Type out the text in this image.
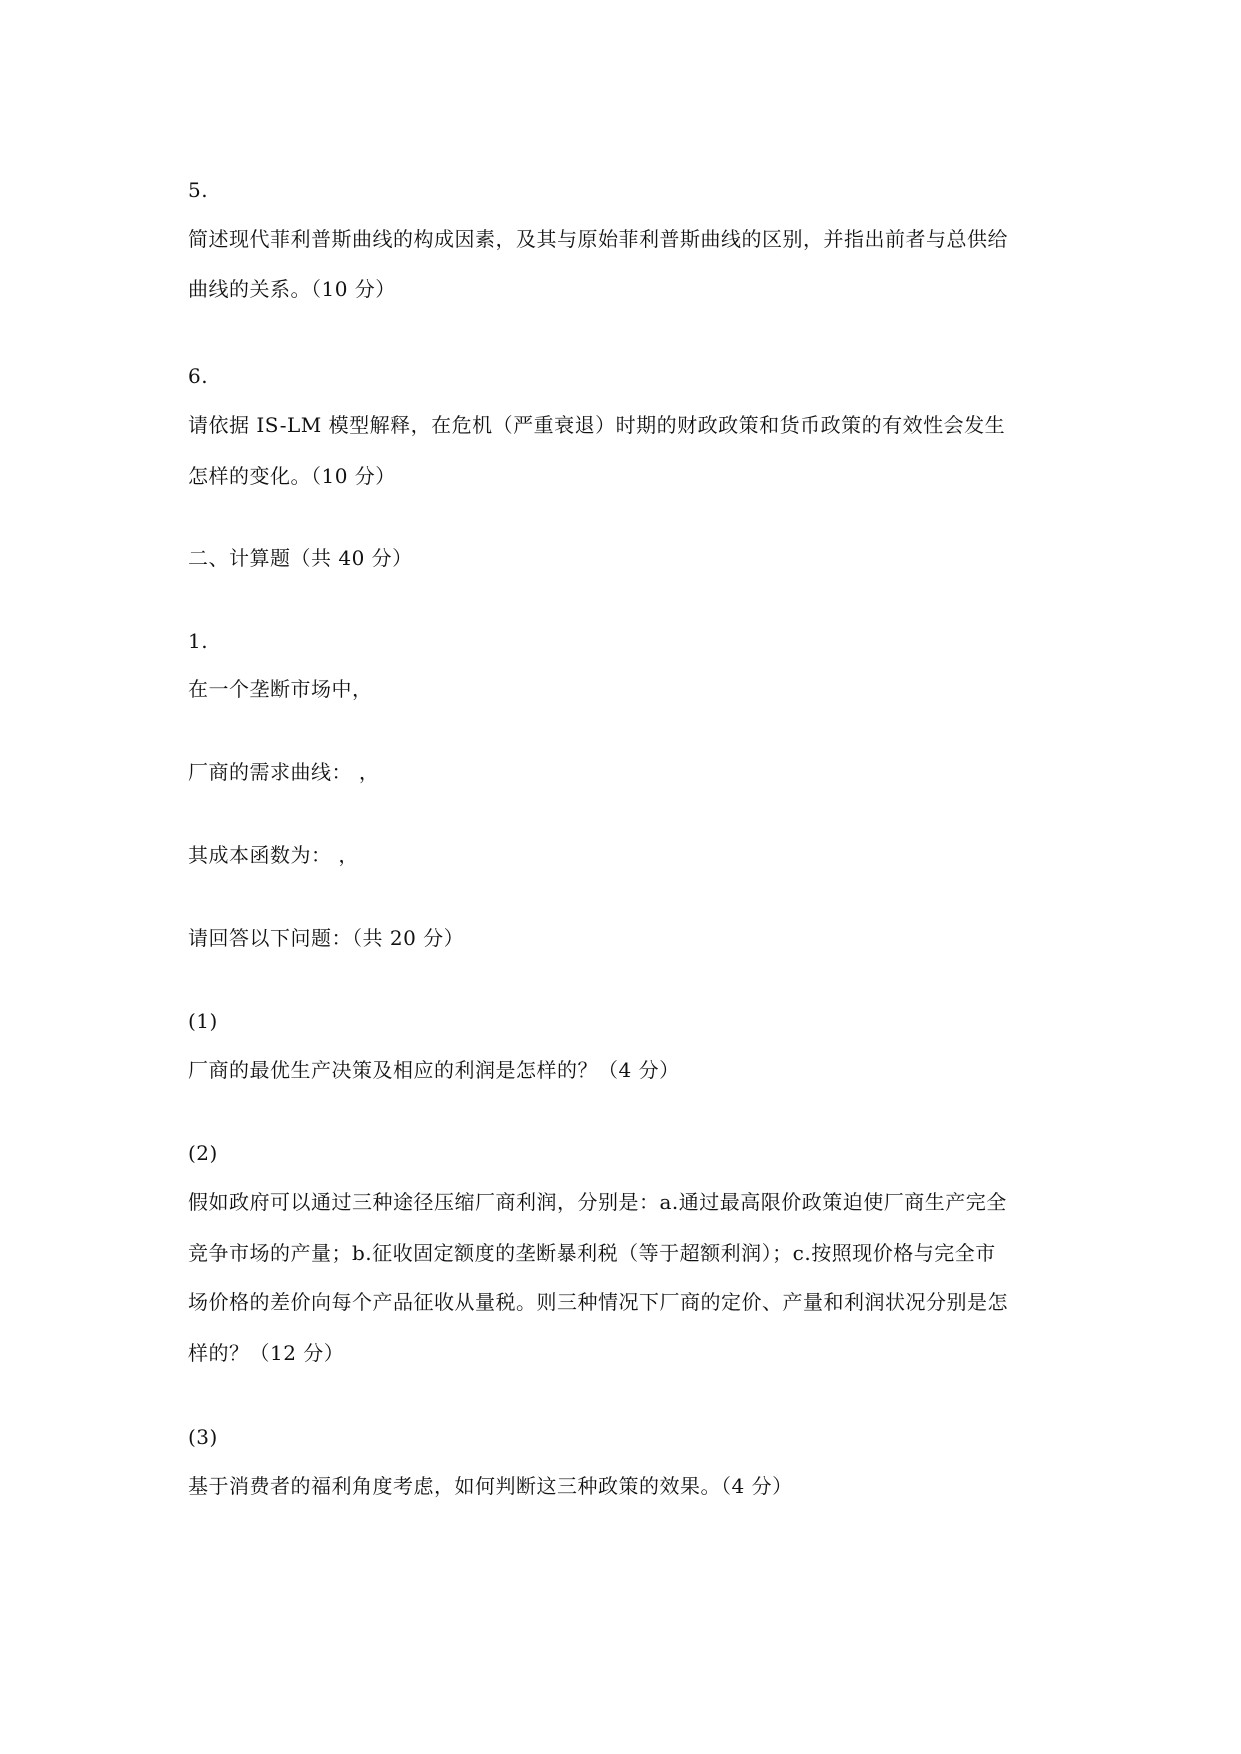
5.
简述现代菲利普斯曲线的构成因素，及其与原始菲利普斯曲线的区别，并指出前者与总供给
曲线的关系。（10 分）
6.
请依据 IS-LM 模型解释，在危机（严重衰退）时期的财政政策和货币政策的有效性会发生
怎样的变化。（10 分）
二、计算题（共 40 分）
1.
在一个垄断市场中，
厂商的需求曲线： ，
其成本函数为： ，
请回答以下问题：（共 20 分）
(1)
厂商的最优生产决策及相应的利润是怎样的？（4 分）
(2)
假如政府可以通过三种途径压缩厂商利润，分别是：a.通过最高限价政策迫使厂商生产完全
竞争市场的产量；b.征收固定额度的垄断暴利税（等于超额利润）；c.按照现价格与完全市
场价格的差价向每个产品征收从量税。则三种情况下厂商的定价、产量和利润状况分别是怎
样的？（12 分）
(3)
基于消费者的福利角度考虑，如何判断这三种政策的效果。（4 分）
